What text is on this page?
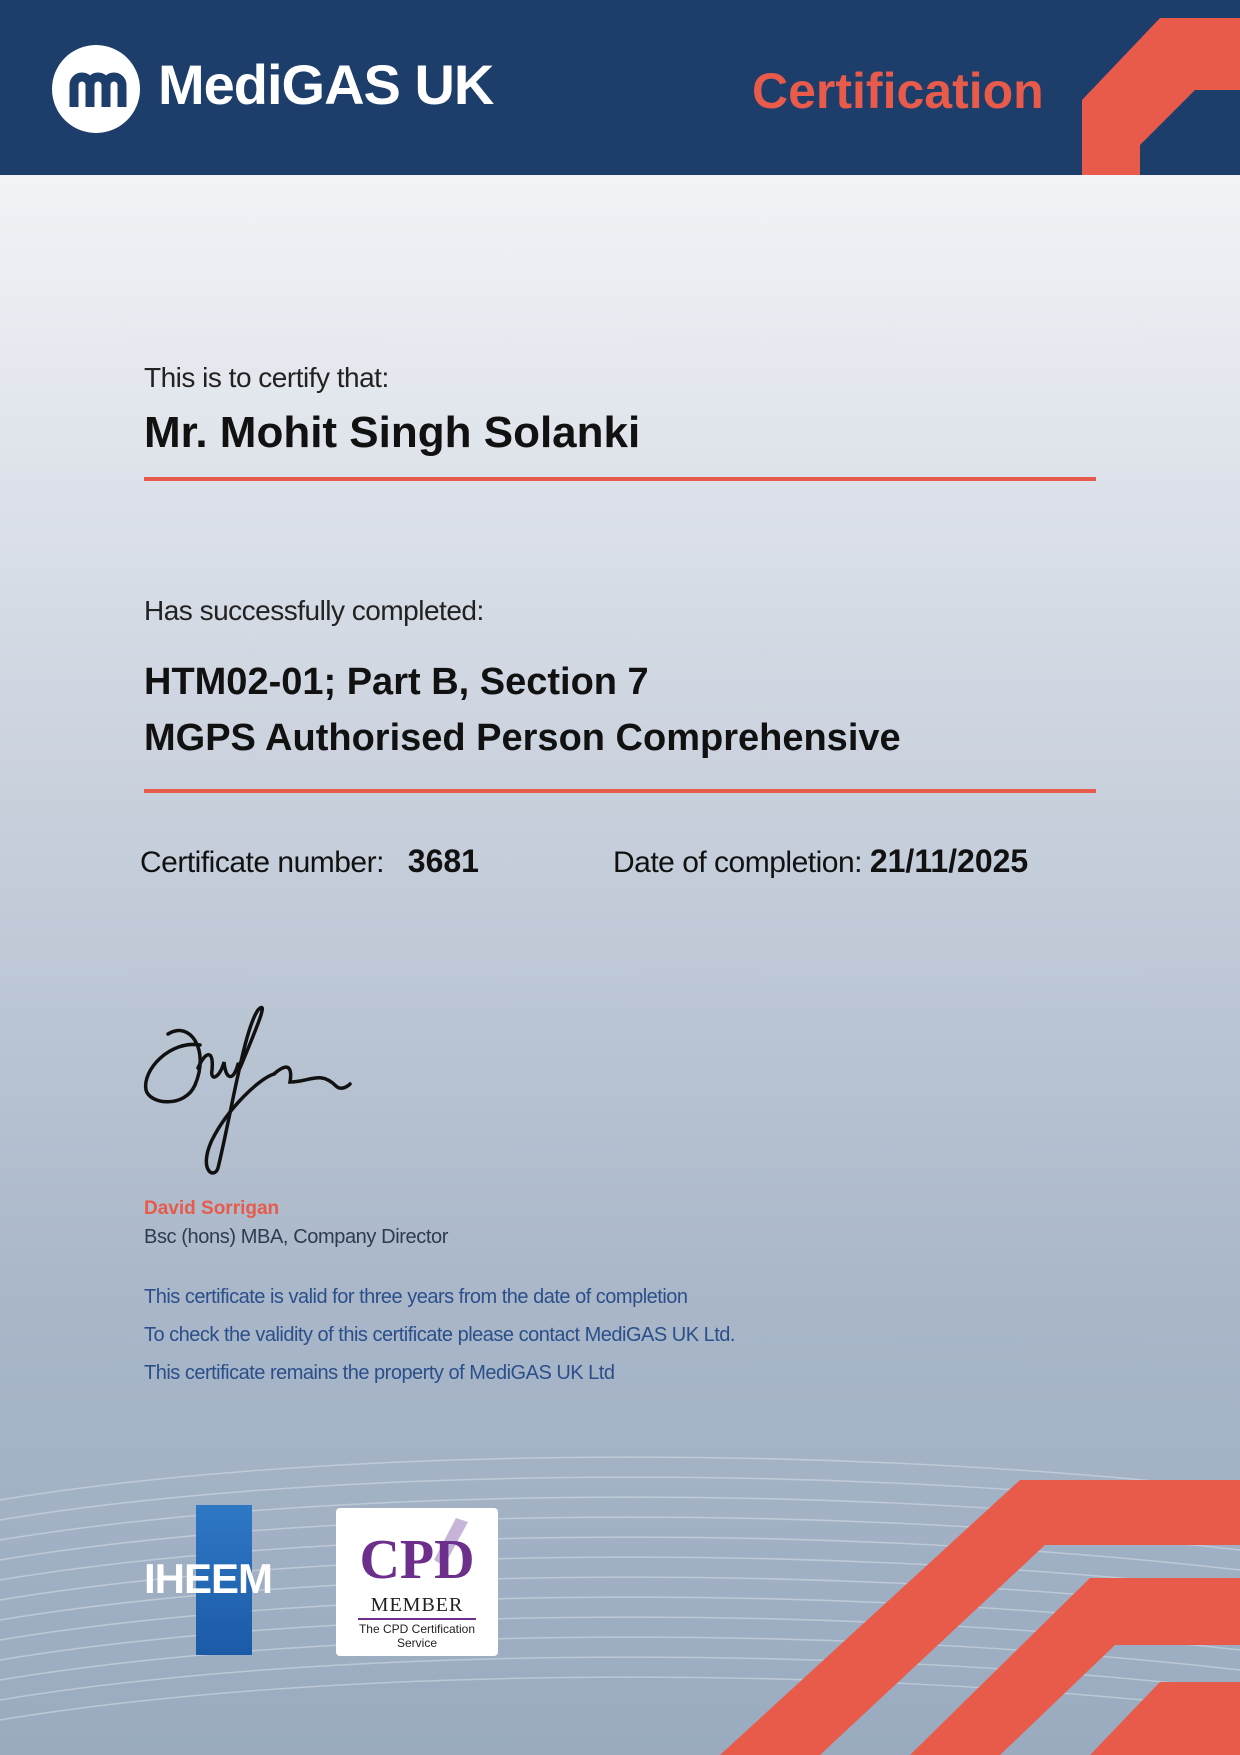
MediGAS UK	Certification
This is to certify that:
Mr. Mohit Singh Solanki
Has successfully completed:
HTM02-01; Part B, Section 7
MGPS Authorised Person Comprehensive
Certificate number: 3681	Date of completion: 21/11/2025
David Sorrigan
Bsc (hons) MBA, Company Director
This certificate is valid for three years from the date of completion
To check the validity of this certificate please contact MediGAS UK Ltd.
This certificate remains the property of MediGAS UK Ltd
IHEEM	CPD
MEMBER
The CPD Certification
Service
